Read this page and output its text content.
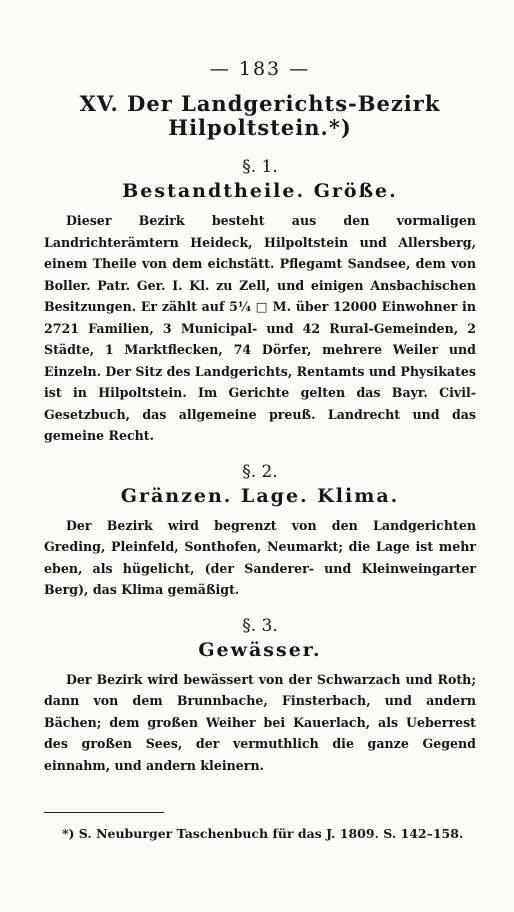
— 183 —
XV. Der Landgerichts-Bezirk
Hilpoltstein.*)
§. 1.
Bestandtheile. Größe.

Dieser Bezirk besteht aus den vormaligen Landrichterämtern Heideck, Hilpoltstein und Allersberg, einem Theile von dem eichstätt. Pflegamt Sandsee, dem von Boller. Patr. Ger. I. Kl. zu Zell, und einigen Ansbachischen Besitzungen. Er zählt auf 5¼ □ M. über 12000 Einwohner in 2721 Familien, 3 Municipal- und 42 Rural-Gemeinden, 2 Städte, 1 Marktflecken, 74 Dörfer, mehrere Weiler und Einzeln. Der Sitz des Landgerichts, Rentamts und Physikates ist in Hilpoltstein. Im Gerichte gelten das Bayr. Civil-Gesetzbuch, das allgemeine preuß. Landrecht und das gemeine Recht.

§. 2.
Gränzen. Lage. Klima.

Der Bezirk wird begrenzt von den Landgerichten Greding, Pleinfeld, Sonthofen, Neumarkt; die Lage ist mehr eben, als hügelicht, (der Sanderer- und Kleinweingarter Berg), das Klima gemäßigt.

§. 3.
Gewässer.

Der Bezirk wird bewässert von der Schwarzach und Roth; dann von dem Brunnbache, Finsterbach, und andern Bächen; dem großen Weiher bei Kauerlach, als Ueberrest des großen Sees, der vermuthlich die ganze Gegend einnahm, und andern kleinern.

*) S. Neuburger Taschenbuch für das J. 1809. S. 142–158.
